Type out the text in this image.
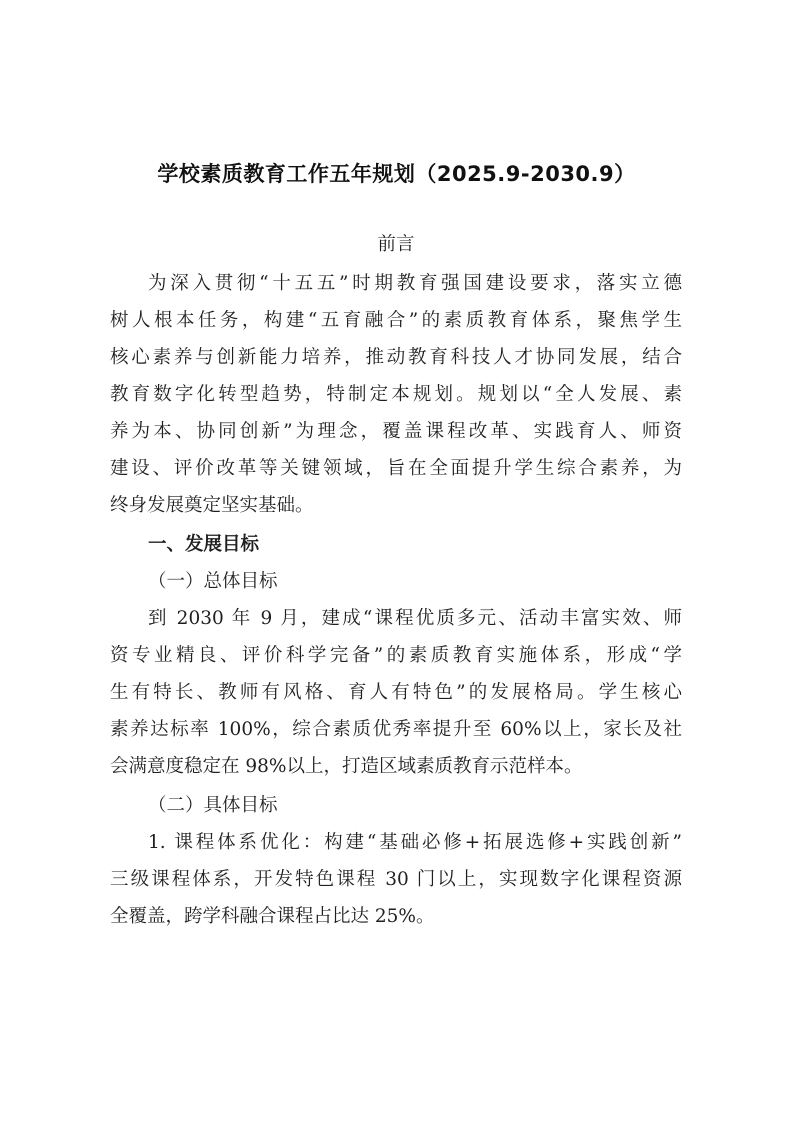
学校素质教育工作五年规划（2025.9-2030.9）
前言
为深入贯彻“十五五”时期教育强国建设要求，落实立德
树人根本任务，构建“五育融合”的素质教育体系，聚焦学生
核心素养与创新能力培养，推动教育科技人才协同发展，结合
教育数字化转型趋势，特制定本规划。规划以“全人发展、素
养为本、协同创新”为理念，覆盖课程改革、实践育人、师资
建设、评价改革等关键领域，旨在全面提升学生综合素养，为
终身发展奠定坚实基础。
一、发展目标
（一）总体目标
到 2030 年 9 月，建成“课程优质多元、活动丰富实效、师
资专业精良、评价科学完备”的素质教育实施体系，形成“学
生有特长、教师有风格、育人有特色”的发展格局。学生核心
素养达标率 100%，综合素质优秀率提升至 60%以上，家长及社
会满意度稳定在 98%以上，打造区域素质教育示范样本。
（二）具体目标
1. 课程体系优化：构建“基础必修+拓展选修+实践创新”
三级课程体系，开发特色课程 30 门以上，实现数字化课程资源
全覆盖，跨学科融合课程占比达 25%。
